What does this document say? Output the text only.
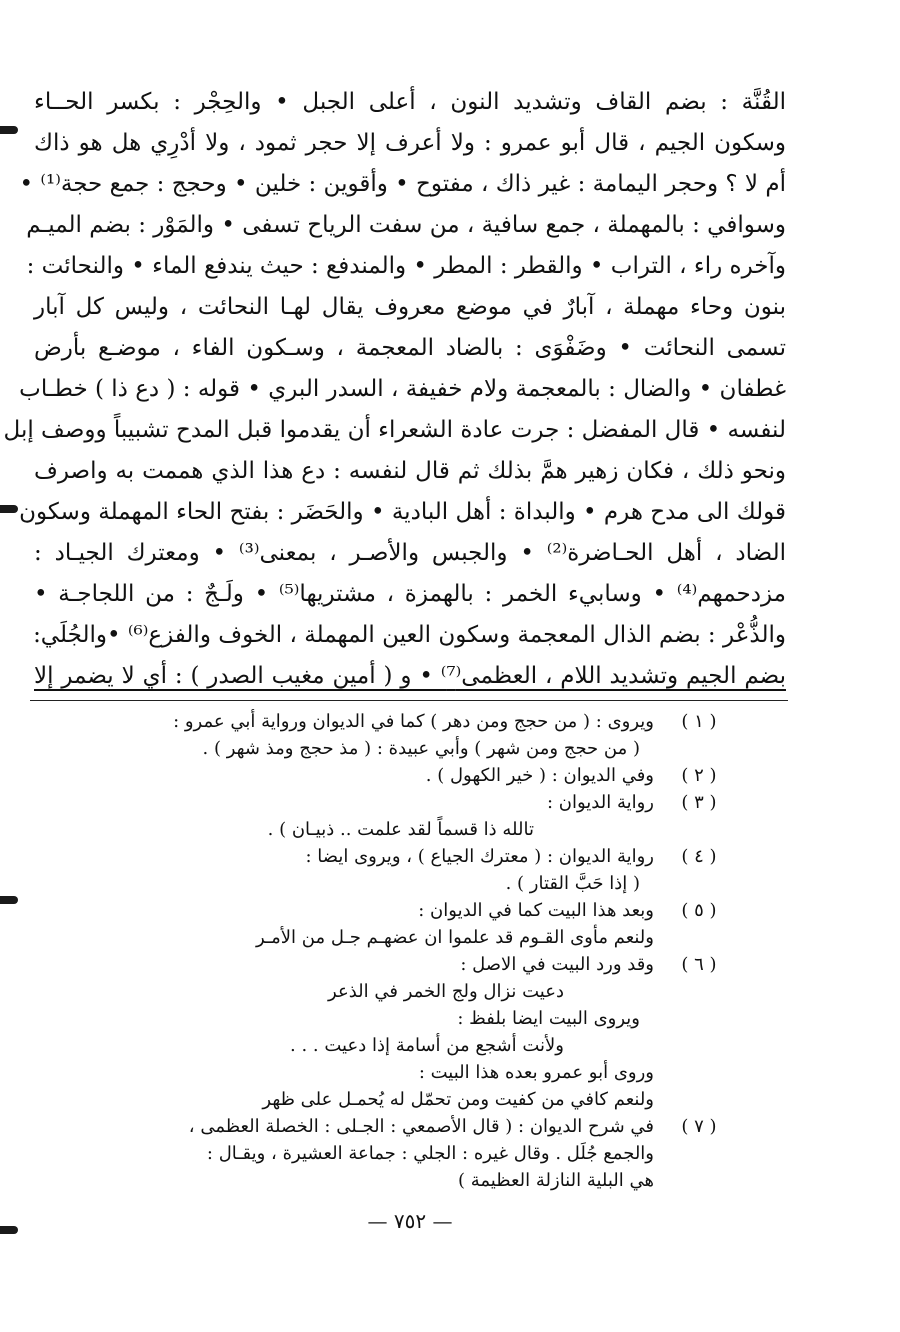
القُنَّة : بضم القاف وتشديد النون ، أعلى الجبل • والحِجْر : بكسر الحــاء
وسكون الجيم ، قال أبو عمرو : ولا أعرف إلا حجر ثمود ، ولا أدْرِي هل هو ذاك
أم لا ؟ وحجر اليمامة : غير ذاك ، مفتوح • وأقوين : خلين • وحجج : جمع حجة⁽¹⁾ •
وسوافي : بالمهملة ، جمع سافية ، من سفت الرياح تسفى • والمَوْر : بضم الميـم
وآخره راء ، التراب • والقطر : المطر • والمندفع : حيث يندفع الماء • والنحائت :
بنون وحاء مهملة ، آبارٌ في موضع معروف يقال لهـا النحائت ، وليس كل آبار
تسمى النحائت • وضَفْوَى : بالضاد المعجمة ، وسـكون الفاء ، موضـع بأرض
غطفان • والضال : بالمعجمة ولام خفيفة ، السدر البري • قوله : ( دع ذا ) خطـاب
لنفسه • قال المفضل : جرت عادة الشعراء أن يقدموا قبل المدح تشبيباً ووصف إبل
ونحو ذلك ، فكان زهير همَّ بذلك ثم قال لنفسه : دع هذا الذي هممت به واصرف
قولك الى مدح هرم • والبداة : أهل البادية • والحَضَر : بفتح الحاء المهملة وسكون
الضاد ، أهل الحـاضرة⁽²⁾ • والجبس والأصـر ، بمعنى⁽³⁾ • ومعترك الجيـاد :
مزدحمهم⁽⁴⁾ • وسابيء الخمر : بالهمزة ، مشتريها⁽⁵⁾ • ولَـجٌ : من اللجاجـة •
والذُّعْر : بضم الذال المعجمة وسكون العين المهملة ، الخوف والفزع⁽⁶⁾ •والجُلَي:
بضم الجيم وتشديد اللام ، العظمى⁽⁷⁾ • و ( أمين مغيب الصدر ) : أي لا يضمر إلا
( ١ )
ويروى : ( من حجج ومن دهر ) كما في الديوان ورواية أبي عمرو :
( من حجج ومن شهر ) وأبي عبيدة : ( مذ حجج ومذ شهر ) .
( ٢ )
وفي الديوان : ( خير الكهول ) .
( ٣ )
رواية الديوان :
تالله ذا قسماً لقد علمت .. ذبيـان ) .
( ٤ )
رواية الديوان : ( معترك الجياع ) ، ويروى ايضا :
( إذا حَبَّ القتار ) .
( ٥ )
وبعد هذا البيت كما في الديوان :
ولنعم مأوى القـوم قد علموا ان عضهـم جـل من الأمـر
( ٦ )
وقد ورد البيت في الاصل :
دعيت نزال ولج الخمر في الذعر
ويروى البيت ايضا بلفظ :
ولأنت أشجع من أسامة إذا دعيت . . .
وروى أبو عمرو بعده هذا البيت :
ولنعم كافي من كفيت ومن تحمّل له يُحمـل على ظهر
( ٧ )
في شرح الديوان : ( قال الأصمعي : الجـلى : الخصلة العظمى ،
والجمع جُلَل . وقال غيره : الجلي : جماعة العشيرة ، ويقـال :
هي البلية النازلة العظيمة )
— ٧٥٢ —
